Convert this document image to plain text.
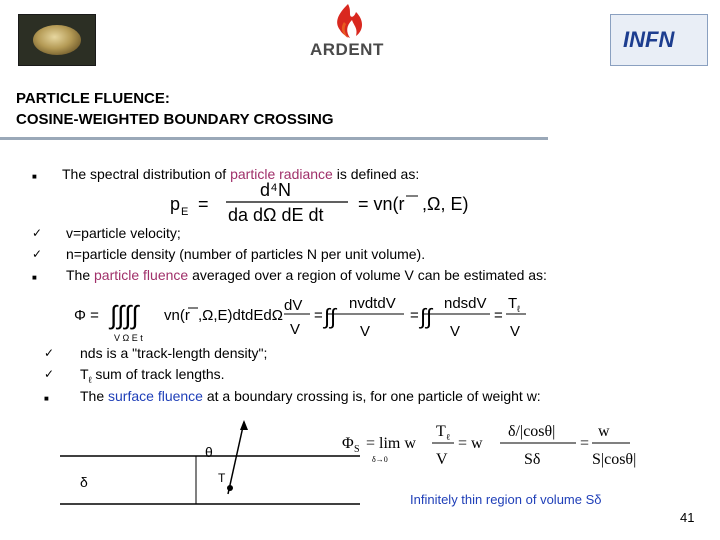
ARDENT	INFN
PARTICLE FLUENCE:
COSINE-WEIGHTED BOUNDARY CROSSING
■ The spectral distribution of particle radiance is defined as:
p E =
d 4 N
da dΩ dE dt
= vn(r ,Ω, E)
✓ v=particle velocity;
✓ n=particle density (number of particles N per unit volume).
■ The particle fluence averaged over a region of volume V can be estimated as:
Φ = ∫∫∫∫
V Ω E t
vn(r ,Ω,E)dtdEdΩ
dV
V
= ∫∫
nvdtdV
V
= ∫∫
ndsdV
V
=
T ℓ
V
✓ nds is a "track-length density";
✓ $T_\ell$ sum of track lengths.
■ The surface fluence at a boundary crossing is, for one particle of weight w:
θ
δ	T
Φ S = lim w
δ→0
T ℓ
V
= w
δ/|cosθ|
Sδ
=
w
S|cosθ|
Infinitely thin region of volume Sδ
41
